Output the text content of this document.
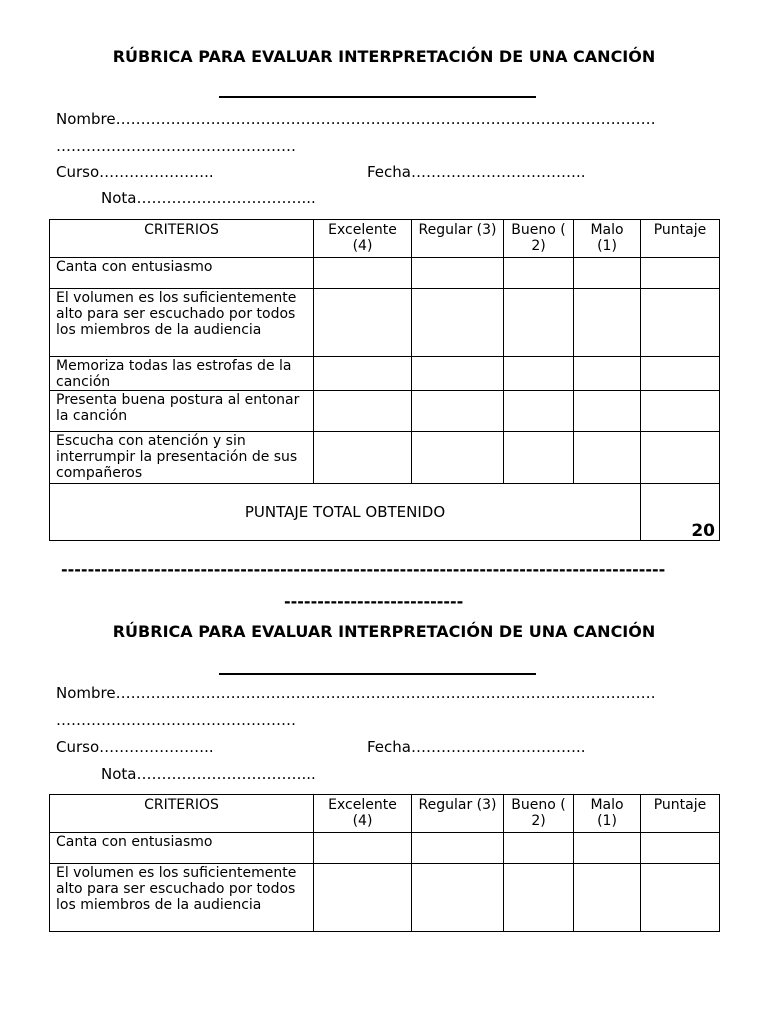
RÚBRICA PARA EVALUAR INTERPRETACIÓN DE UNA CANCIÓN
Nombre………………………………………………………………………………………………
…………………………………………
Curso…………………..	Fecha……………………………..
Nota……………………………...
CRITERIOS	Excelente (4)	Regular (3)	Bueno ( 2)	Malo (1)	Puntaje
Canta con entusiasmo					
El volumen es los suficientemente alto para ser escuchado por todos los miembros de la audiencia					
Memoriza todas las estrofas de la canción					
Presenta buena postura al entonar la canción					
Escucha con atención y sin interrumpir la presentación de sus compañeros					
PUNTAJE TOTAL OBTENIDO					20
-------------------------------------------------------------------------------------------
---------------------------
RÚBRICA PARA EVALUAR INTERPRETACIÓN DE UNA CANCIÓN
Nombre………………………………………………………………………………………………
…………………………………………
Curso…………………..	Fecha……………………………..
Nota……………………………...
CRITERIOS	Excelente (4)	Regular (3)	Bueno ( 2)	Malo (1)	Puntaje
Canta con entusiasmo					
El volumen es los suficientemente alto para ser escuchado por todos los miembros de la audiencia					
